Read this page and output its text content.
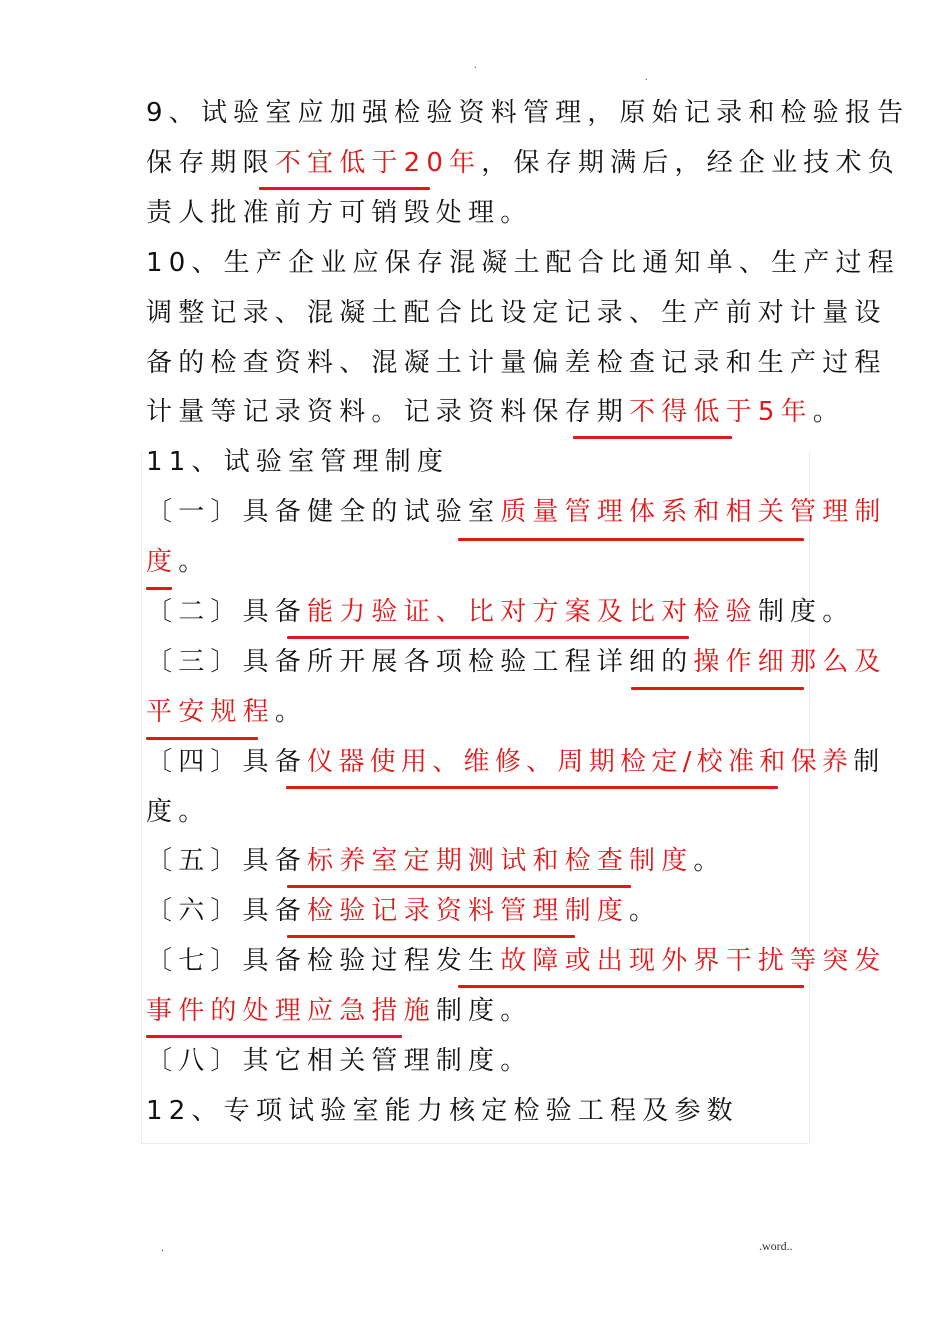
.
.
9、试验室应加强检验资料管理，原始记录和检验报告
保存期限不宜低于20年，保存期满后，经企业技术负
责人批准前方可销毁处理。
10、生产企业应保存混凝土配合比通知单、生产过程
调整记录、混凝土配合比设定记录、生产前对计量设
备的检查资料、混凝土计量偏差检查记录和生产过程
计量等记录资料。记录资料保存期不得低于5年。
11、试验室管理制度
〔一〕具备健全的试验室质量管理体系和相关管理制
度。
〔二〕具备能力验证、比对方案及比对检验制度。
〔三〕具备所开展各项检验工程详细的操作细那么及
平安规程。
〔四〕具备仪器使用、维修、周期检定/校准和保养制
度。
〔五〕具备标养室定期测试和检查制度。
〔六〕具备检验记录资料管理制度。
〔七〕具备检验过程发生故障或出现外界干扰等突发
事件的处理应急措施制度。
〔八〕其它相关管理制度。
12、专项试验室能力核定检验工程及参数
.	.word..
